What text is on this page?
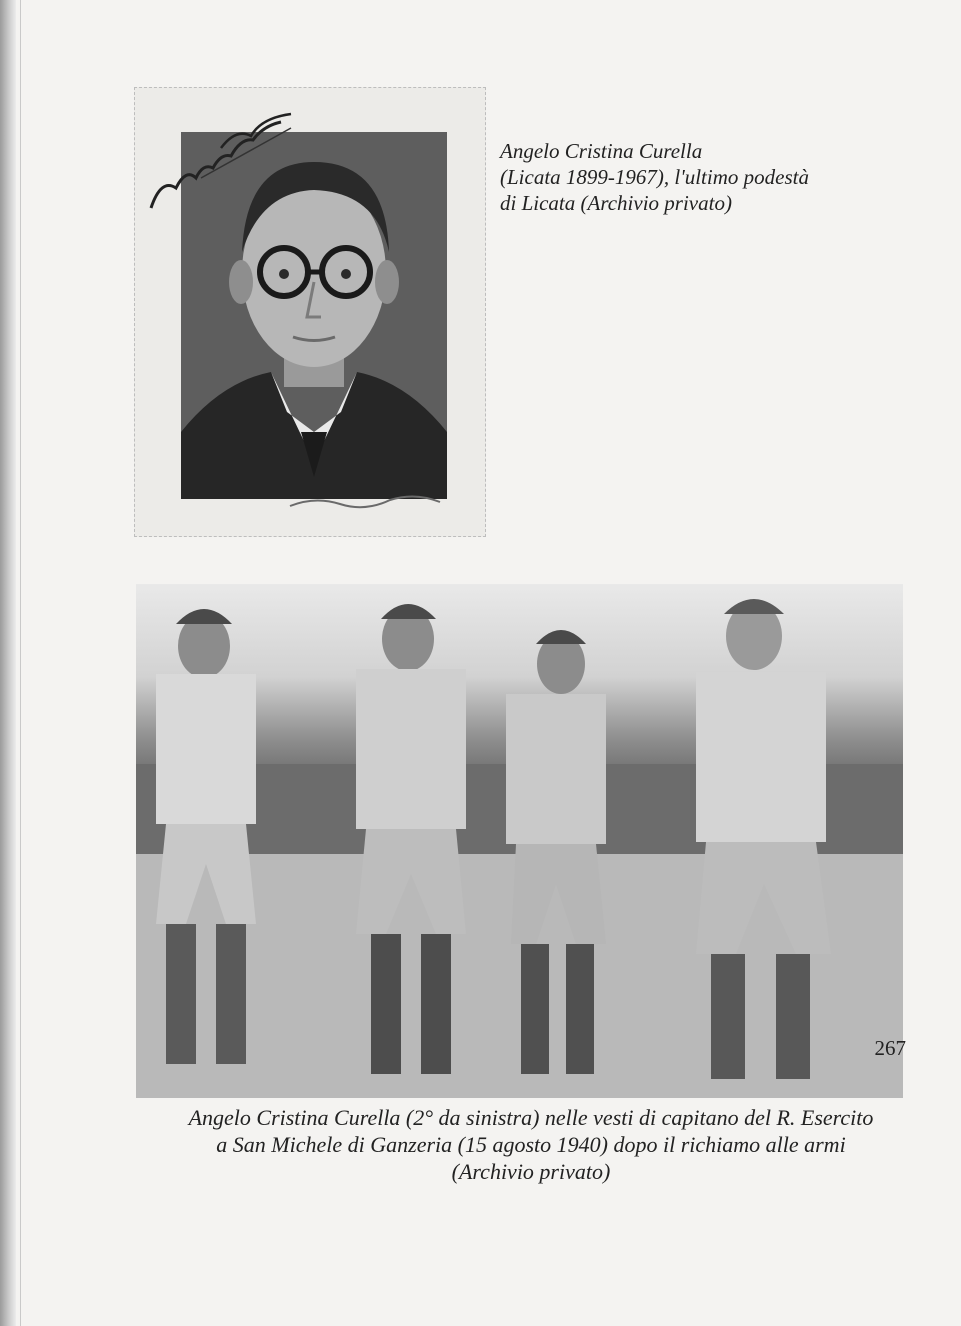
Angelo Cristina Curella
(Licata 1899-1967), l'ultimo podestà
di Licata (Archivio privato)
Angelo Cristina Curella (2° da sinistra) nelle vesti di capitano del R. Esercito
a San Michele di Ganzeria (15 agosto 1940) dopo il richiamo alle armi
(Archivio privato)
267
